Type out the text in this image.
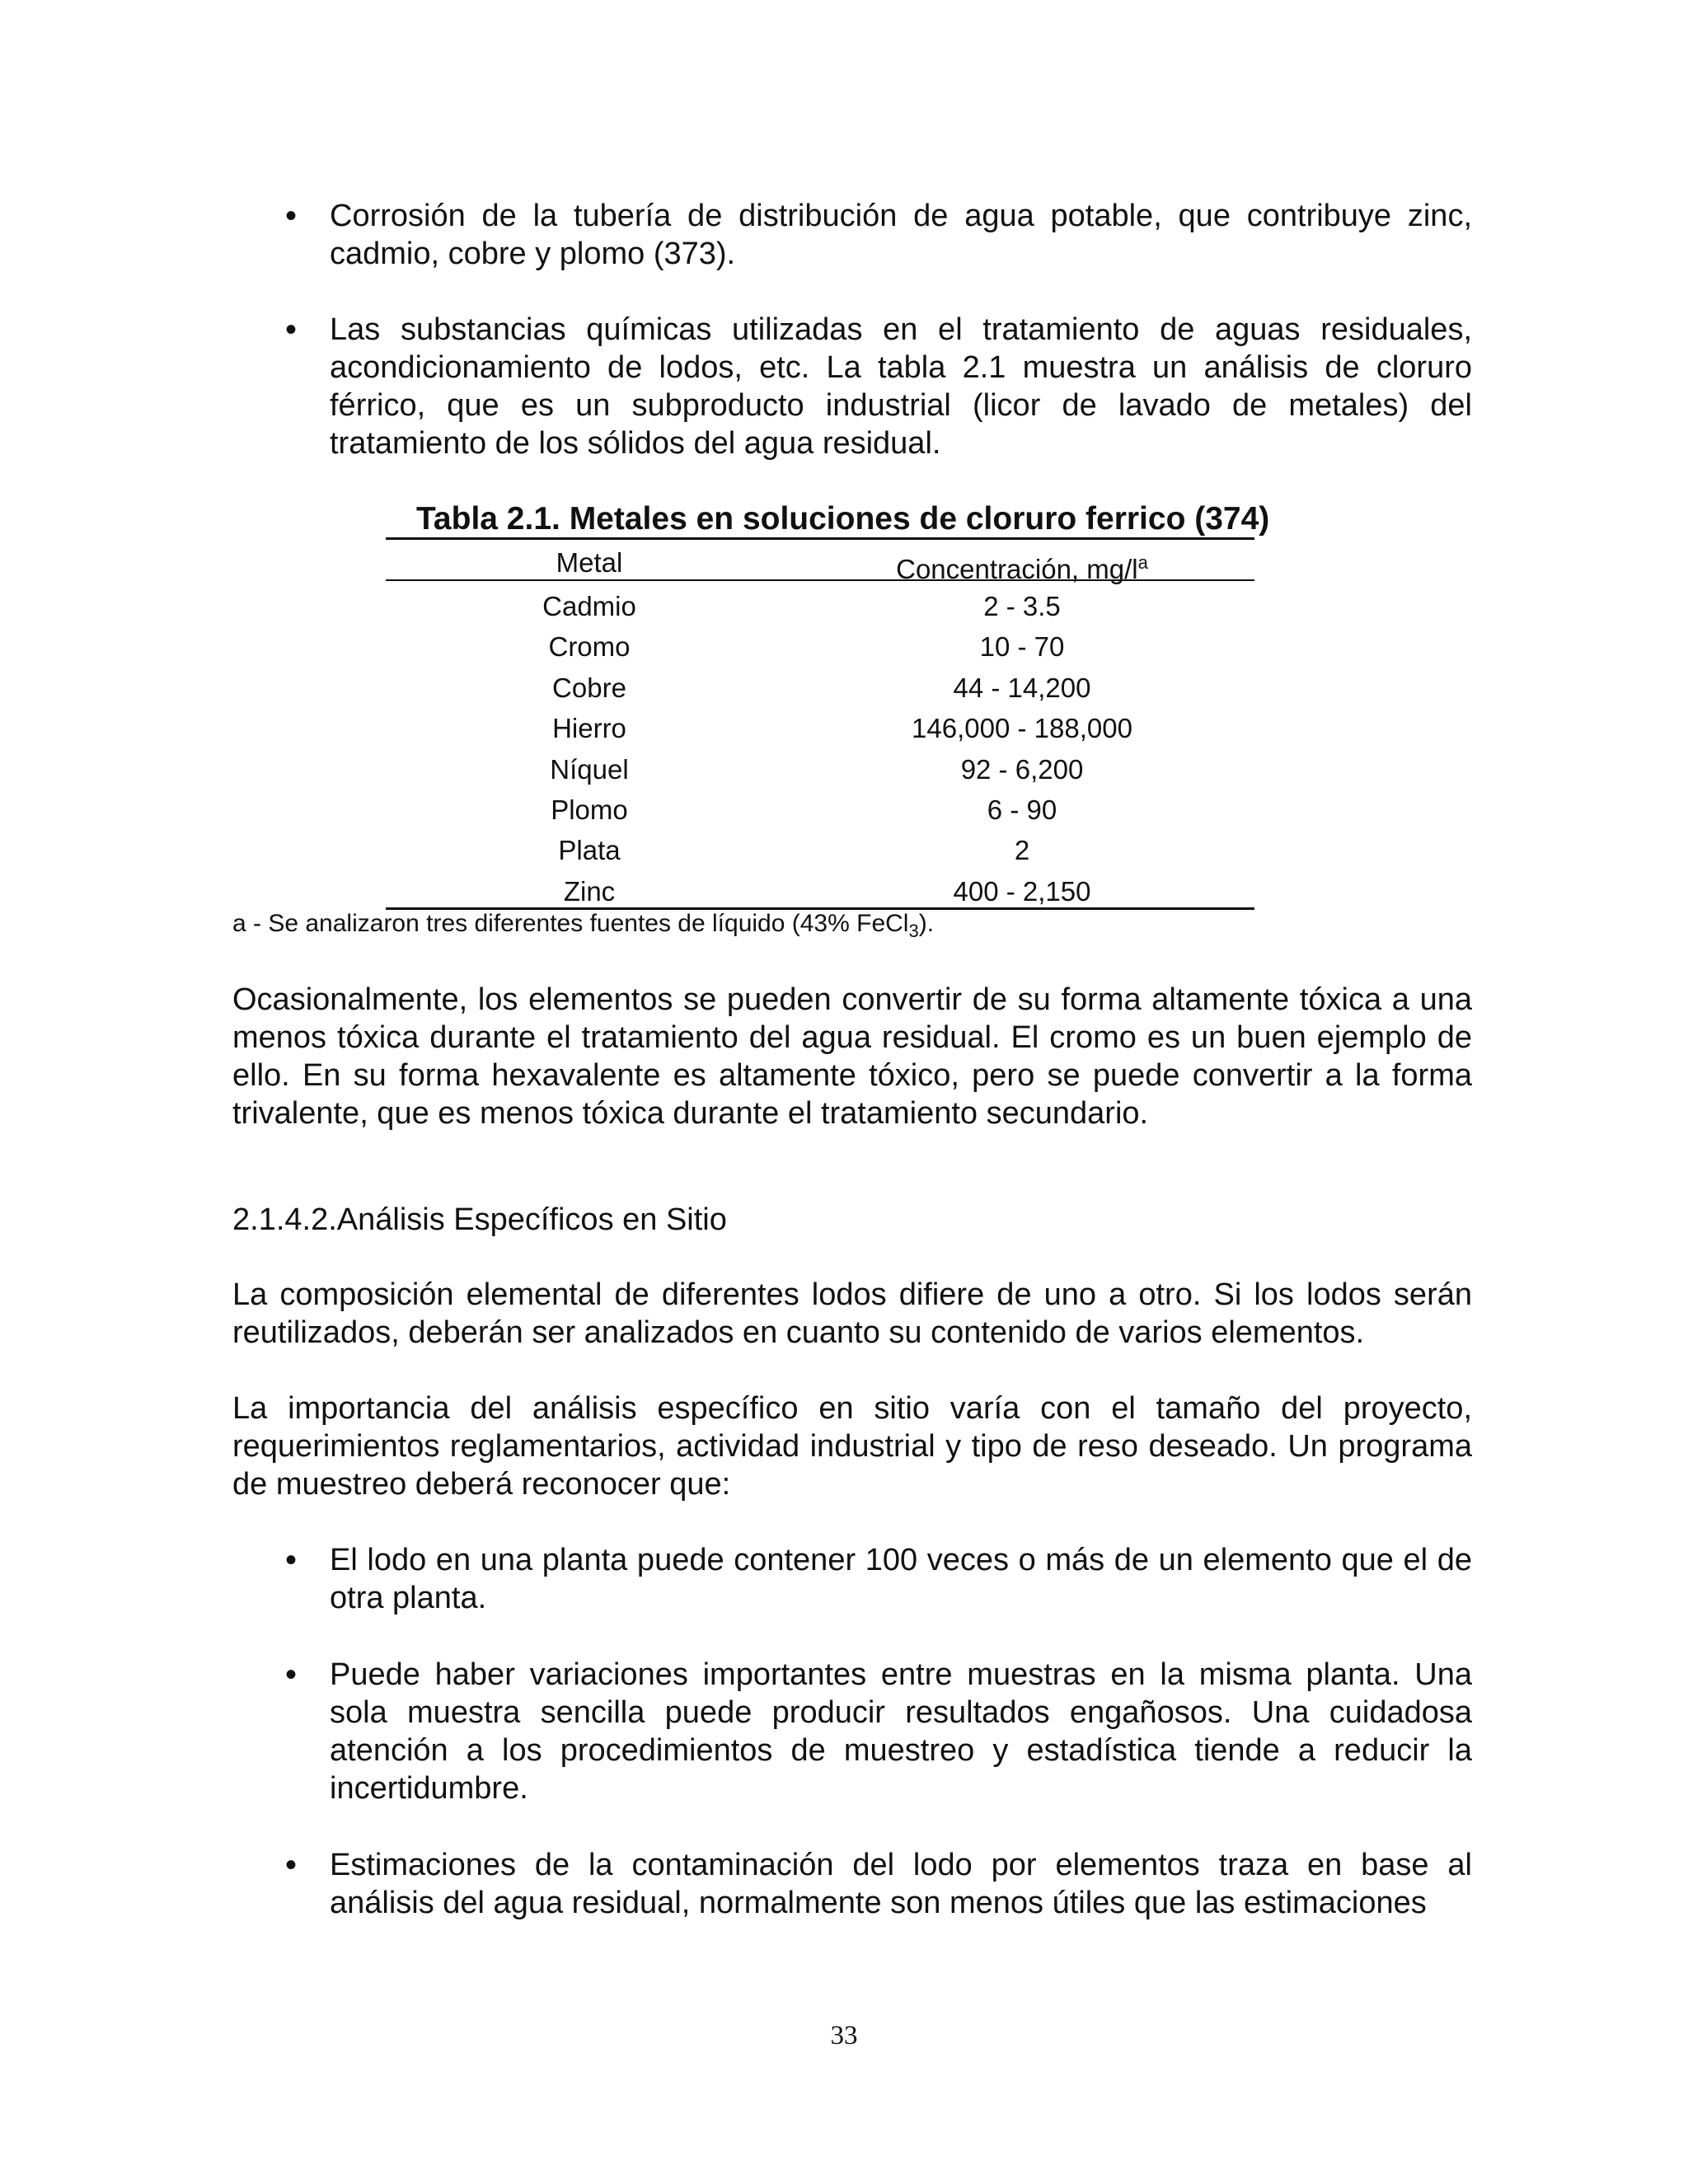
• Corrosión de la tubería de distribución de agua potable, que contribuye zinc, cadmio, cobre y plomo (373).
• Las substancias químicas utilizadas en el tratamiento de aguas residuales, acondicionamiento de lodos, etc. La tabla 2.1 muestra un análisis de cloruro férrico, que es un subproducto industrial (licor de lavado de metales) del tratamiento de los sólidos del agua residual.
Tabla 2.1. Metales en soluciones de cloruro ferrico (374)
Metal	Concentración, $mg/l^a$
Cadmio	2 - 3.5
Cromo	10 - 70
Cobre	44 - 14,200
Hierro	146,000 - 188,000
Níquel	92 - 6,200
Plomo	6 - 90
Plata	2
Zinc	400 - 2,150
a - Se analizaron tres diferentes fuentes de líquido (43% FeCl$_3$).
Ocasionalmente, los elementos se pueden convertir de su forma altamente tóxica a una menos tóxica durante el tratamiento del agua residual. El cromo es un buen ejemplo de ello. En su forma hexavalente es altamente tóxico, pero se puede convertir a la forma trivalente, que es menos tóxica durante el tratamiento secundario.
2.1.4.2.Análisis Específicos en Sitio
La composición elemental de diferentes lodos difiere de uno a otro. Si los lodos serán reutilizados, deberán ser analizados en cuanto su contenido de varios elementos.
La importancia del análisis específico en sitio varía con el tamaño del proyecto, requerimientos reglamentarios, actividad industrial y tipo de reso deseado. Un programa de muestreo deberá reconocer que:
• El lodo en una planta puede contener 100 veces o más de un elemento que el de otra planta.
• Puede haber variaciones importantes entre muestras en la misma planta. Una sola muestra sencilla puede producir resultados engañosos. Una cuidadosa atención a los procedimientos de muestreo y estadística tiende a reducir la incertidumbre.
• Estimaciones de la contaminación del lodo por elementos traza en base al análisis del agua residual, normalmente son menos útiles que las estimaciones
33
